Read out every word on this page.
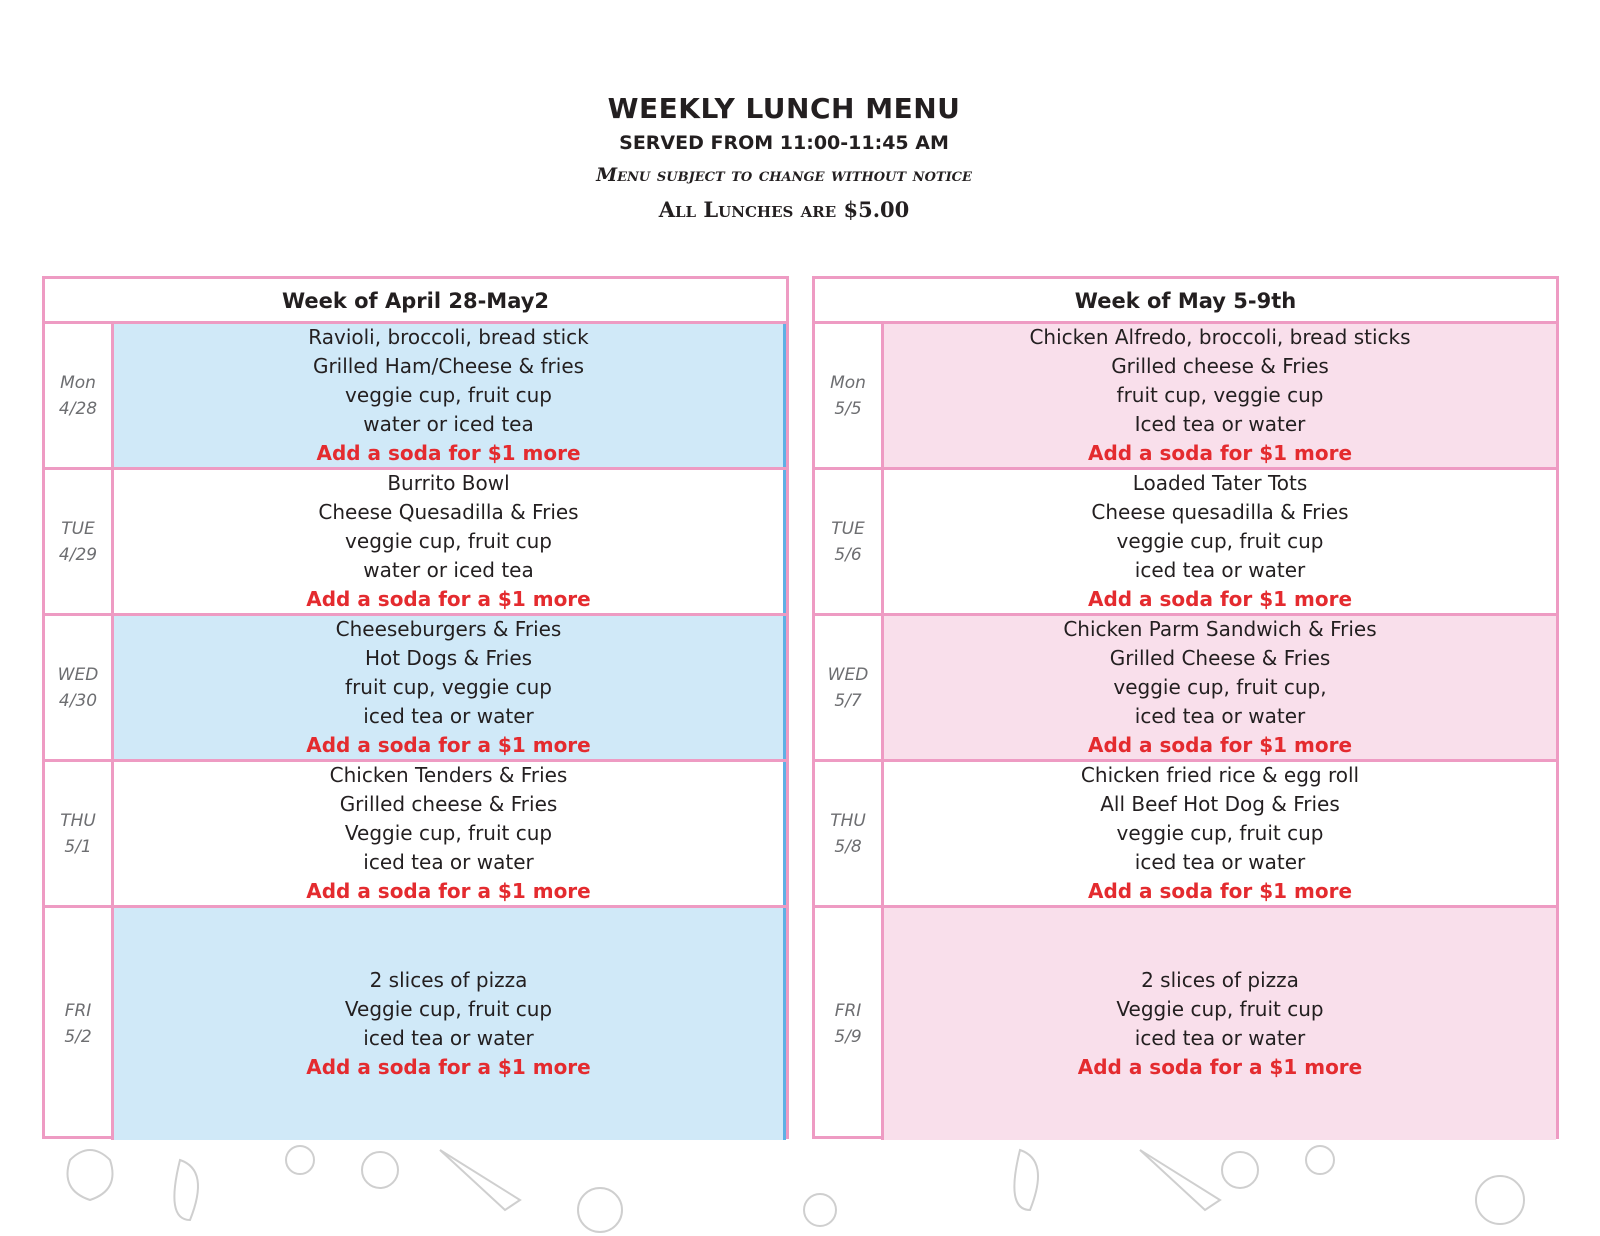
WEEKLY LUNCH MENU
SERVED FROM 11:00-11:45 AM
Menu subject to change without notice
All Lunches are $5.00
Week of April 28-May2
Mon
4/28
Ravioli, broccoli, bread stick
Grilled Ham/Cheese & fries
veggie cup, fruit cup
water or iced tea
Add a soda for $1 more
TUE
4/29
Burrito Bowl
Cheese Quesadilla & Fries
veggie cup, fruit cup
water or iced tea
Add a soda for a $1 more
WED
4/30
Cheeseburgers & Fries
Hot Dogs & Fries
fruit cup, veggie cup
iced tea or water
Add a soda for a $1 more
THU
5/1
Chicken Tenders & Fries
Grilled cheese & Fries
Veggie cup, fruit cup
iced tea or water
Add a soda for a $1 more
FRI
5/2
2 slices of pizza
Veggie cup, fruit cup
iced tea or water
Add a soda for a $1 more
Week of May 5-9th
Mon
5/5
Chicken Alfredo, broccoli, bread sticks
Grilled cheese & Fries
fruit cup, veggie cup
Iced tea or water
Add a soda for $1 more
TUE
5/6
Loaded Tater Tots
Cheese quesadilla & Fries
veggie cup, fruit cup
iced tea or water
Add a soda for $1 more
WED
5/7
Chicken Parm Sandwich & Fries
Grilled Cheese & Fries
veggie cup, fruit cup,
iced tea or water
Add a soda for $1 more
THU
5/8
Chicken fried rice & egg roll
All Beef Hot Dog & Fries
veggie cup, fruit cup
iced tea or water
Add a soda for $1 more
FRI
5/9
2 slices of pizza
Veggie cup, fruit cup
iced tea or water
Add a soda for a $1 more
